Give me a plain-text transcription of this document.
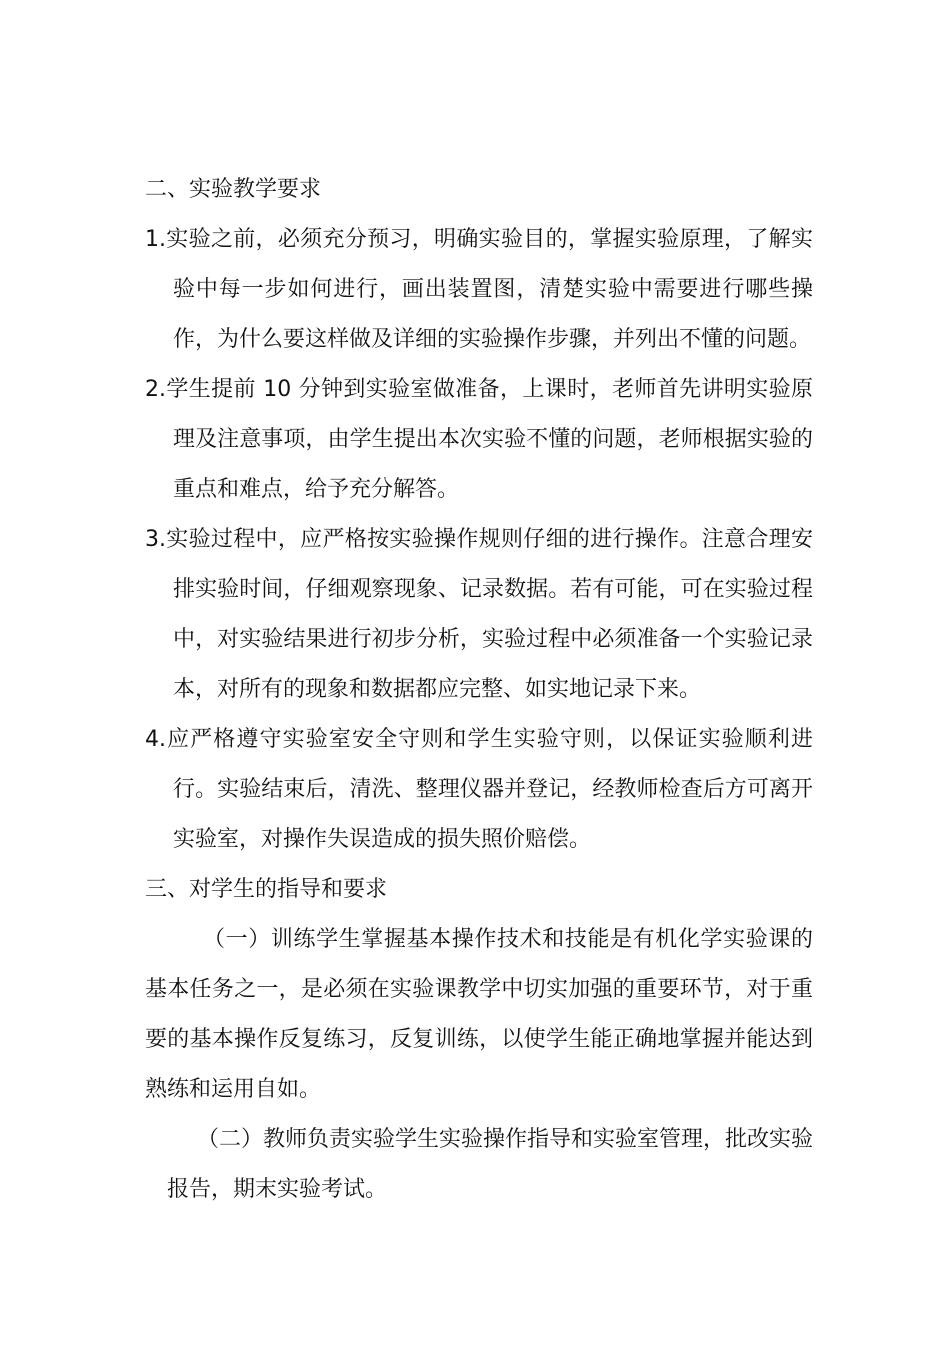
二、实验教学要求

1.实验之前，必须充分预习，明确实验目的，掌握实验原理，了解实验中每一步如何进行，画出装置图，清楚实验中需要进行哪些操作，为什么要这样做及详细的实验操作步骤，并列出不懂的问题。

2.学生提前 10 分钟到实验室做准备，上课时，老师首先讲明实验原理及注意事项，由学生提出本次实验不懂的问题，老师根据实验的重点和难点，给予充分解答。

3.实验过程中，应严格按实验操作规则仔细的进行操作。注意合理安排实验时间，仔细观察现象、记录数据。若有可能，可在实验过程中，对实验结果进行初步分析，实验过程中必须准备一个实验记录本，对所有的现象和数据都应完整、如实地记录下来。

4.应严格遵守实验室安全守则和学生实验守则，以保证实验顺利进行。实验结束后，清洗、整理仪器并登记，经教师检查后方可离开实验室，对操作失误造成的损失照价赔偿。

三、对学生的指导和要求

（一）训练学生掌握基本操作技术和技能是有机化学实验课的基本任务之一，是必须在实验课教学中切实加强的重要环节，对于重要的基本操作反复练习，反复训练，以使学生能正确地掌握并能达到熟练和运用自如。

（二）教师负责实验学生实验操作指导和实验室管理，批改实验报告，期末实验考试。
